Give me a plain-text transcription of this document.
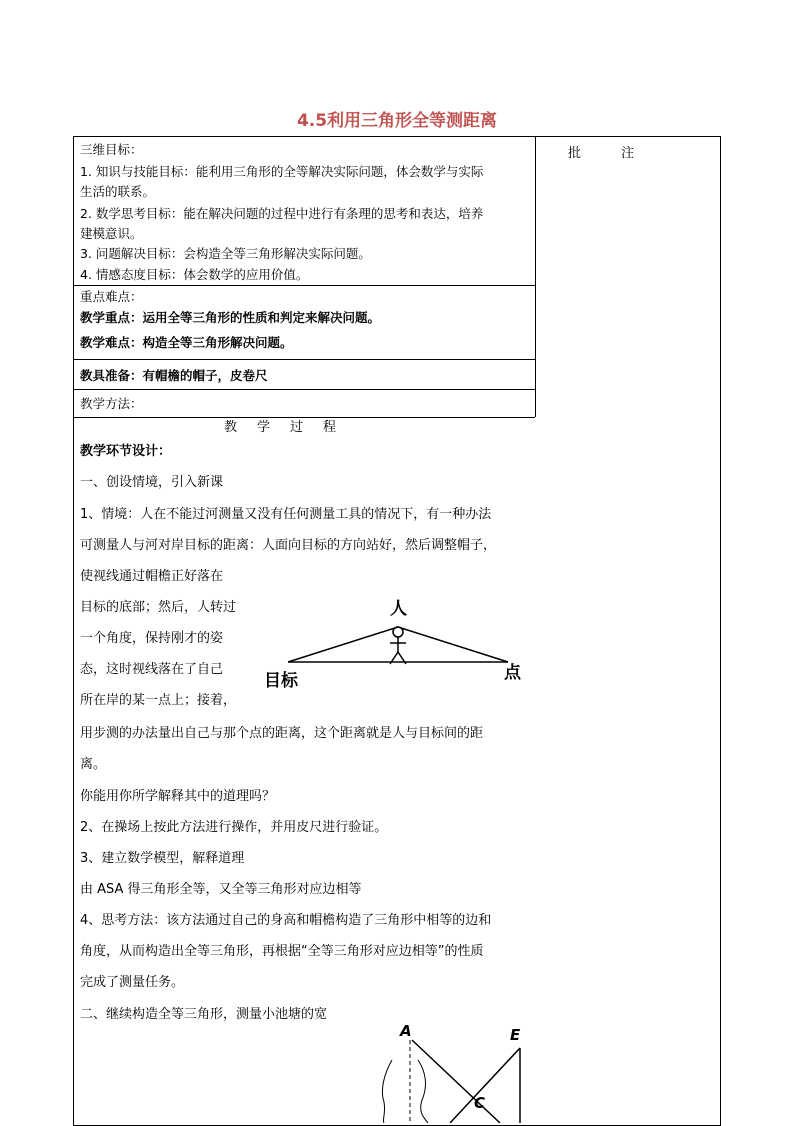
4.5利用三角形全等测距离
批 注
三维目标：
1. 知识与技能目标：能利用三角形的全等解决实际问题，体会数学与实际
生活的联系。
2. 数学思考目标：能在解决问题的过程中进行有条理的思考和表达，培养
建模意识。
3. 问题解决目标：会构造全等三角形解决实际问题。
4. 情感态度目标：体会数学的应用价值。
重点难点：
教学重点：运用全等三角形的性质和判定来解决问题。
教学难点：构造全等三角形解决问题。
教具准备：有帽檐的帽子，皮卷尺
教学方法：
教学过程
教学环节设计：
一、创设情境，引入新课
1、情境：人在不能过河测量又没有任何测量工具的情况下，有一种办法
可测量人与河对岸目标的距离：人面向目标的方向站好，然后调整帽子，
使视线通过帽檐正好落在
目标的底部；然后，人转过
一个角度，保持刚才的姿
态，这时视线落在了自己
所在岸的某一点上；接着，
用步测的办法量出自己与那个点的距离，这个距离就是人与目标间的距
离。
你能用你所学解释其中的道理吗？
2、在操场上按此方法进行操作，并用皮尺进行验证。
3、建立数学模型，解释道理
由 ASA 得三角形全等，又全等三角形对应边相等
4、思考方法：该方法通过自己的身高和帽檐构造了三角形中相等的边和
角度，从而构造出全等三角形，再根据“全等三角形对应边相等”的性质
完成了测量任务。
二、继续构造全等三角形，测量小池塘的宽
人
目标	点
A	E
C
